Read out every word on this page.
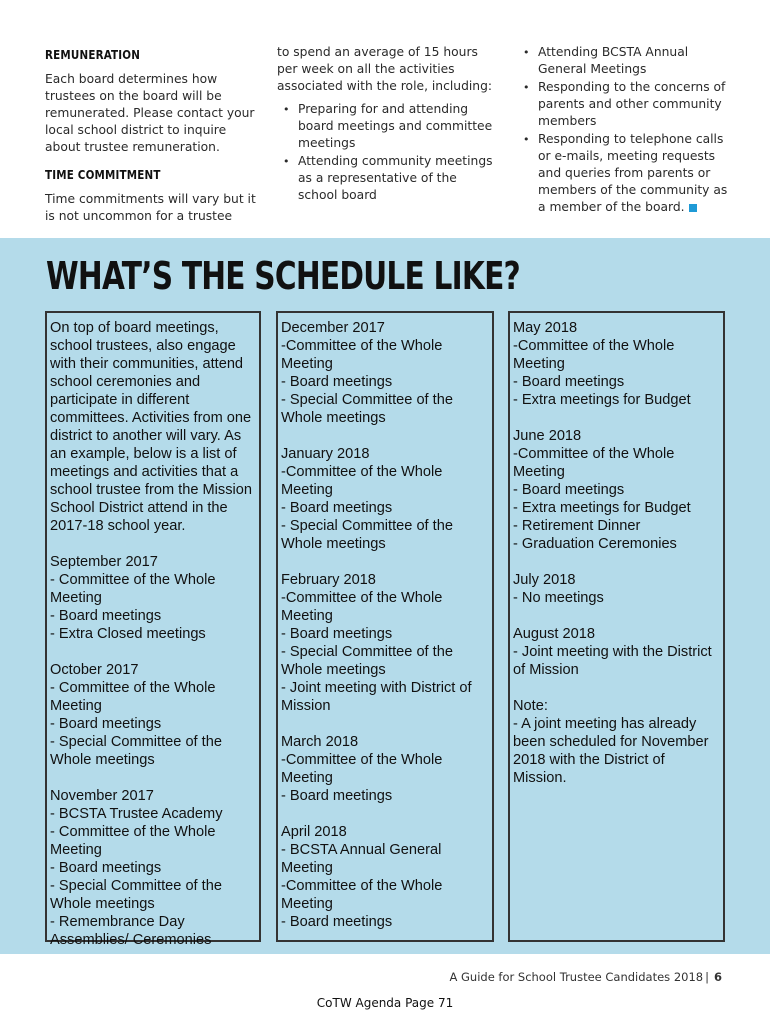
REMUNERATION
Each board determines how trustees on the board will be remunerated. Please contact your local school district to inquire about trustee remuneration.
TIME COMMITMENT
Time commitments will vary but it is not uncommon for a trustee
to spend an average of 15 hours per week on all the activities associated with the role, including:
• Preparing for and attending board meetings and committee meetings
• Attending community meetings as a representative of the school board
• Attending BCSTA Annual General Meetings
• Responding to the concerns of parents and other community members
• Responding to telephone calls or e-mails, meeting requests and queries from parents or members of the community as a member of the board.
WHAT’S THE SCHEDULE LIKE?
On top of board meetings,
school trustees, also engage
with their communities, attend
school ceremonies and
participate in different
committees. Activities from one
district to another will vary. As
an example, below is a list of
meetings and activities that a
school trustee from the Mission
School District attend in the
2017-18 school year.
September 2017
- Committee of the Whole
Meeting
- Board meetings
- Extra Closed meetings
October 2017
- Committee of the Whole
Meeting
- Board meetings
- Special Committee of the
Whole meetings
November 2017
- BCSTA Trustee Academy
- Committee of the Whole
Meeting
- Board meetings
- Special Committee of the
Whole meetings
- Remembrance Day
Assemblies/ Ceremonies
December 2017
-Committee of the Whole
Meeting
- Board meetings
- Special Committee of the
Whole meetings
January 2018
-Committee of the Whole
Meeting
- Board meetings
- Special Committee of the
Whole meetings
February 2018
-Committee of the Whole
Meeting
- Board meetings
- Special Committee of the
Whole meetings
- Joint meeting with District of
Mission
March 2018
-Committee of the Whole
Meeting
- Board meetings
April 2018
- BCSTA Annual General
Meeting
-Committee of the Whole
Meeting
- Board meetings
May 2018
-Committee of the Whole
Meeting
- Board meetings
- Extra meetings for Budget
June 2018
-Committee of the Whole
Meeting
- Board meetings
- Extra meetings for Budget
- Retirement Dinner
- Graduation Ceremonies
July 2018
- No meetings
August 2018
- Joint meeting with the District
of Mission
Note:
- A joint meeting has already
been scheduled for November
2018 with the District of
Mission.
A Guide for School Trustee Candidates 2018 | 6
CoTW Agenda Page 71
